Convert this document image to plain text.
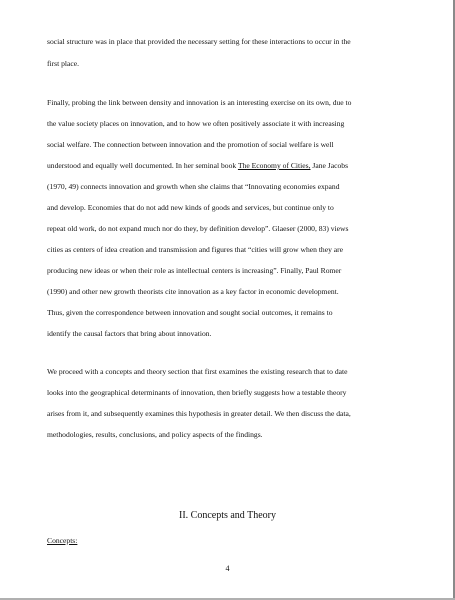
social structure was in place that provided the necessary setting for these interactions to occur in the
first place.
Finally, probing the link between density and innovation is an interesting exercise on its own, due to
the value society places on innovation, and to how we often positively associate it with increasing
social welfare. The connection between innovation and the promotion of social welfare is well
understood and equally well documented. In her seminal book The Economy of Cities, Jane Jacobs
(1970, 49) connects innovation and growth when she claims that “Innovating economies expand
and develop. Economies that do not add new kinds of goods and services, but continue only to
repeat old work, do not expand much nor do they, by definition develop”. Glaeser (2000, 83) views
cities as centers of idea creation and transmission and figures that “cities will grow when they are
producing new ideas or when their role as intellectual centers is increasing”. Finally, Paul Romer
(1990) and other new growth theorists cite innovation as a key factor in economic development.
Thus, given the correspondence between innovation and sought social outcomes, it remains to
identify the causal factors that bring about innovation.
We proceed with a concepts and theory section that first examines the existing research that to date
looks into the geographical determinants of innovation, then briefly suggests how a testable theory
arises from it, and subsequently examines this hypothesis in greater detail. We then discuss the data,
methodologies, results, conclusions, and policy aspects of the findings.
II. Concepts and Theory
Concepts:
4
